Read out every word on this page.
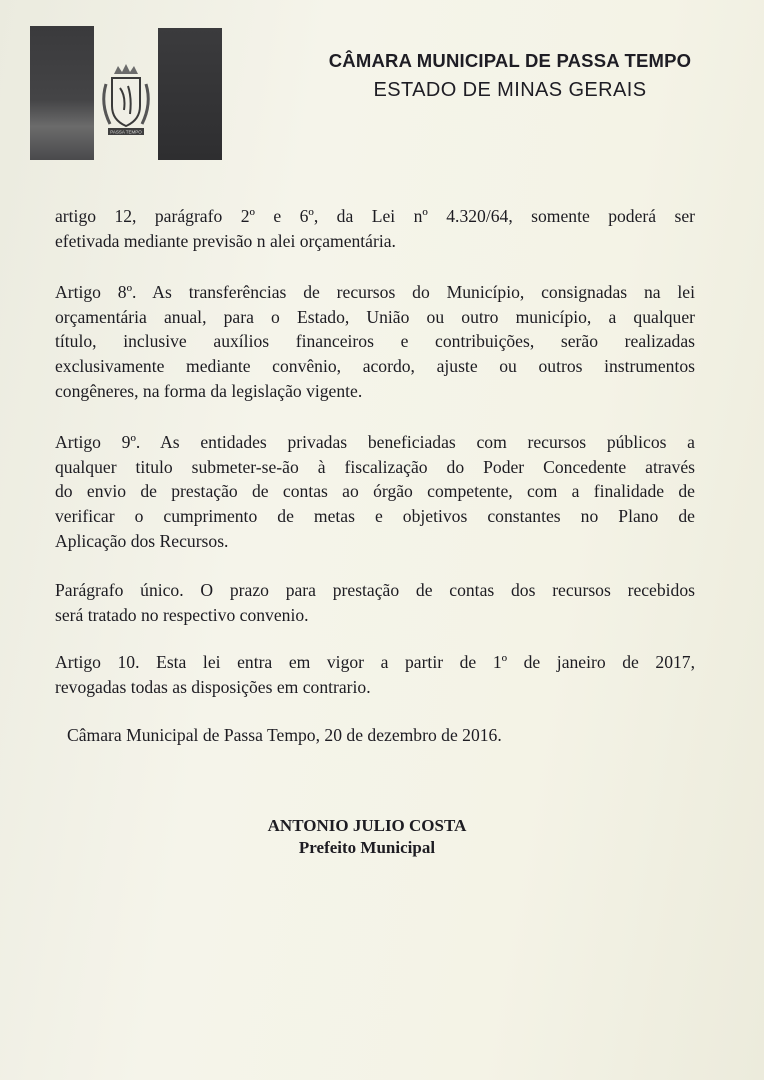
PASSA TEMPO
CÂMARA MUNICIPAL DE PASSA TEMPO
ESTADO DE MINAS GERAIS
artigo 12, parágrafo 2º e 6º, da Lei nº 4.320/64, somente poderá ser
efetivada mediante previsão n alei orçamentária.
Artigo 8º. As transferências de recursos do Município, consignadas na lei
orçamentária anual, para o Estado, União ou outro município, a qualquer
título, inclusive auxílios financeiros e contribuições, serão realizadas
exclusivamente mediante convênio, acordo, ajuste ou outros instrumentos
congêneres, na forma da legislação vigente.
Artigo 9º. As entidades privadas beneficiadas com recursos públicos a
qualquer titulo submeter-se-ão à fiscalização do Poder Concedente através
do envio de prestação de contas ao órgão competente, com a finalidade de
verificar o cumprimento de metas e objetivos constantes no Plano de
Aplicação dos Recursos.
Parágrafo único. O prazo para prestação de contas dos recursos recebidos
será tratado no respectivo convenio.
Artigo 10. Esta lei entra em vigor a partir de 1º de janeiro de 2017,
revogadas todas as disposições em contrario.
Câmara Municipal de Passa Tempo, 20 de dezembro de 2016.
ANTONIO JULIO COSTA
Prefeito Municipal
